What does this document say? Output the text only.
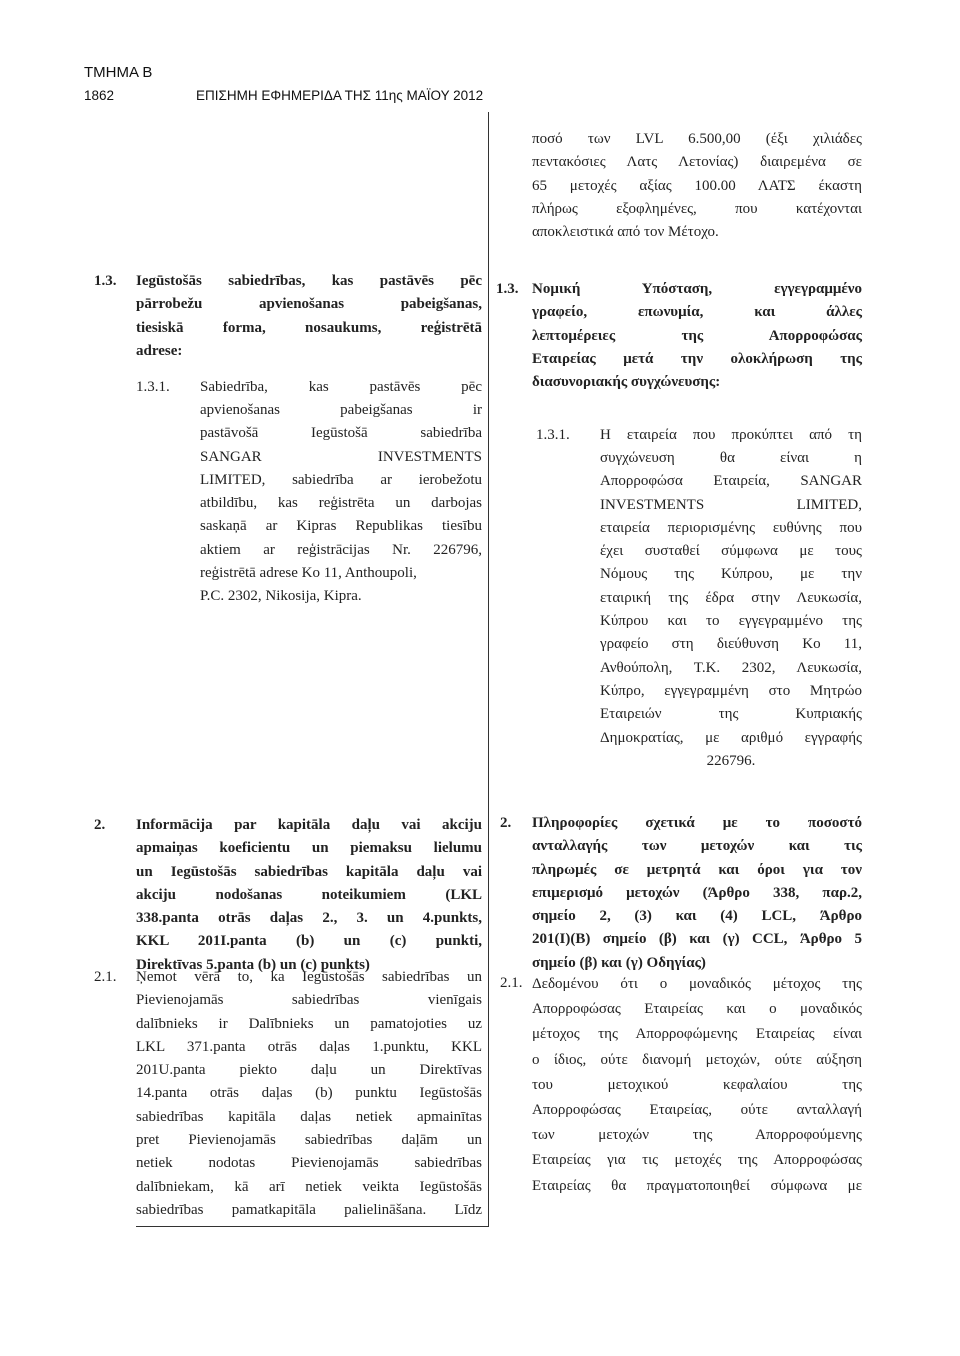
ΤΜΗΜΑ Β
1862	ΕΠΙΣΗΜΗ ΕΦΗΜΕΡΙΔΑ ΤΗΣ 11ης ΜΑΪΟΥ 2012
ποσό των LVL 6.500,00 (έξι χιλιάδες
πεντακόσιες Λατς Λετονίας) διαιρεμένα σε
65 μετοχές αξίας 100.00 ΛΑΤΣ έκαστη
πλήρως εξοφλημένες, που κατέχονται
αποκλειστικά από τον Μέτοχο.
1.3. Iegūstošās sabiedrības, kas pastāvēs pēc
pārrobežu apvienošanas pabeigšanas,
tiesiskā forma, nosaukums, reģistrētā
adrese:
1.3.1. Sabiedrība, kas pastāvēs pēc
apvienošanas pabeigšanas ir
pastāvošā Iegūstošā sabiedrība
SANGAR INVESTMENTS
LIMITED, sabiedrība ar ierobežotu
atbildību, kas reģistrēta un darbojas
saskaņā ar Kipras Republikas tiesību
aktiem ar reģistrācijas Nr. 226796,
reģistrētā adrese Ko 11, Anthoupoli,
P.C. 2302, Nikosija, Kipra.
1.3. Νομική Υπόσταση, εγγεγραμμένο
γραφείο, επωνυμία, και άλλες
λεπτομέρειες της Απορροφώσας
Εταιρείας μετά την ολοκλήρωση της
διασυνοριακής συγχώνευσης:
1.3.1. Η εταιρεία που προκύπτει από τη
συγχώνευση θα είναι η
Απορροφώσα Εταιρεία, SANGAR
INVESTMENTS LIMITED,
εταιρεία περιορισμένης ευθύνης που
έχει συσταθεί σύμφωνα με τους
Νόμους της Κύπρου, με την
εταιρική της έδρα στην Λευκωσία,
Κύπρου και το εγγεγραμμένο της
γραφείο στη διεύθυνση Κο 11,
Ανθούπολη, Τ.Κ. 2302, Λευκωσία,
Κύπρο, εγγεγραμμένη στο Μητρώο
Εταιρειών της Κυπριακής
Δημοκρατίας, με αριθμό εγγραφής
226796.
2. Informācija par kapitāla daļu vai akciju
apmaiņas koeficientu un piemaksu lielumu
un Iegūstošās sabiedrības kapitāla daļu vai
akciju nodošanas noteikumiem (LKL
338.panta otrās daļas 2., 3. un 4.punkts,
KKL 201I.panta (b) un (c) punkti,
Direktīvas 5.panta (b) un (c) punkts)
2. Πληροφορίες σχετικά με το ποσοστό
ανταλλαγής των μετοχών και τις
πληρωμές σε μετρητά και όροι για τον
επιμερισμό μετοχών (Άρθρο 338, παρ.2,
σημείο 2, (3) και (4) LCL, Άρθρο
201(I)(Β) σημείο (β) και (γ) CCL, Άρθρο 5
σημείο (β) και (γ) Οδηγίας)
2.1. Ņemot vērā to, ka Iegūstošās sabiedrības un
Pievienojamās sabiedrības vienīgais
dalībnieks ir Dalībnieks un pamatojoties uz
LKL 371.panta otrās daļas 1.punktu, KKL
201U.panta piekto daļu un Direktīvas
14.panta otrās daļas (b) punktu Iegūstošās
sabiedrības kapitāla daļas netiek apmainītas
pret Pievienojamās sabiedrības daļām un
netiek nodotas Pievienojamās sabiedrības
dalībniekam, kā arī netiek veikta Iegūstošās
sabiedrības pamatkapitāla palielināšana. Līdz
2.1. Δεδομένου ότι ο μοναδικός μέτοχος της
Απορροφώσας Εταιρείας και ο μοναδικός
μέτοχος της Απορροφώμενης Εταιρείας είναι
ο ίδιος, ούτε διανομή μετοχών, ούτε αύξηση
του μετοχικού κεφαλαίου της
Απορροφώσας Εταιρείας, ούτε ανταλλαγή
των μετοχών της Απορροφούμενης
Εταιρείας για τις μετοχές της Απορροφώσας
Εταιρείας θα πραγματοποιηθεί σύμφωνα με
